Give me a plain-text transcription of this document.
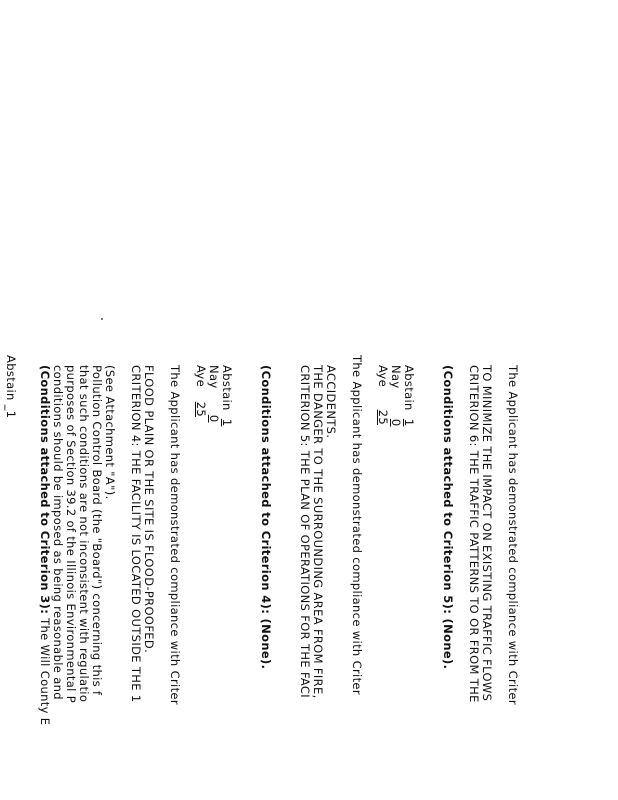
Abstain _1 (Conditions attached to Criterion 3): The Will County E conditions should be imposed as being reasonable and purposes of Section 39.2 of the Illinois Environmental P that such conditions are not inconsistent with regulatio Pollution Control Board (the "Board") concerning this f (See Attachment "A"). CRITERION 4: THE FACILITY IS LOCATED OUTSIDE THE 1 FLOOD PLAIN OR THE SITE IS FLOOD-PROOFED. The Applicant has demonstrated compliance with Criter Aye 25
Nay 0
Abstain 1 (Conditions attached to Criterion 4): (None). CRITERION 5: THE PLAN OF OPERATIONS FOR THE FACI THE DANGER TO THE SURROUNDING AREA FROM FIRE, ACCIDENTS. The Applicant has demonstrated compliance with Criter Aye 25
Nay 0
Abstain 1 (Conditions attached to Criterion 5): (None). CRITERION 6: THE TRAFFIC PATTERNS TO OR FROM THE TO MINIMIZE THE IMPACT ON EXISTING TRAFFIC FLOWS The Applicant has demonstrated compliance with Criter
